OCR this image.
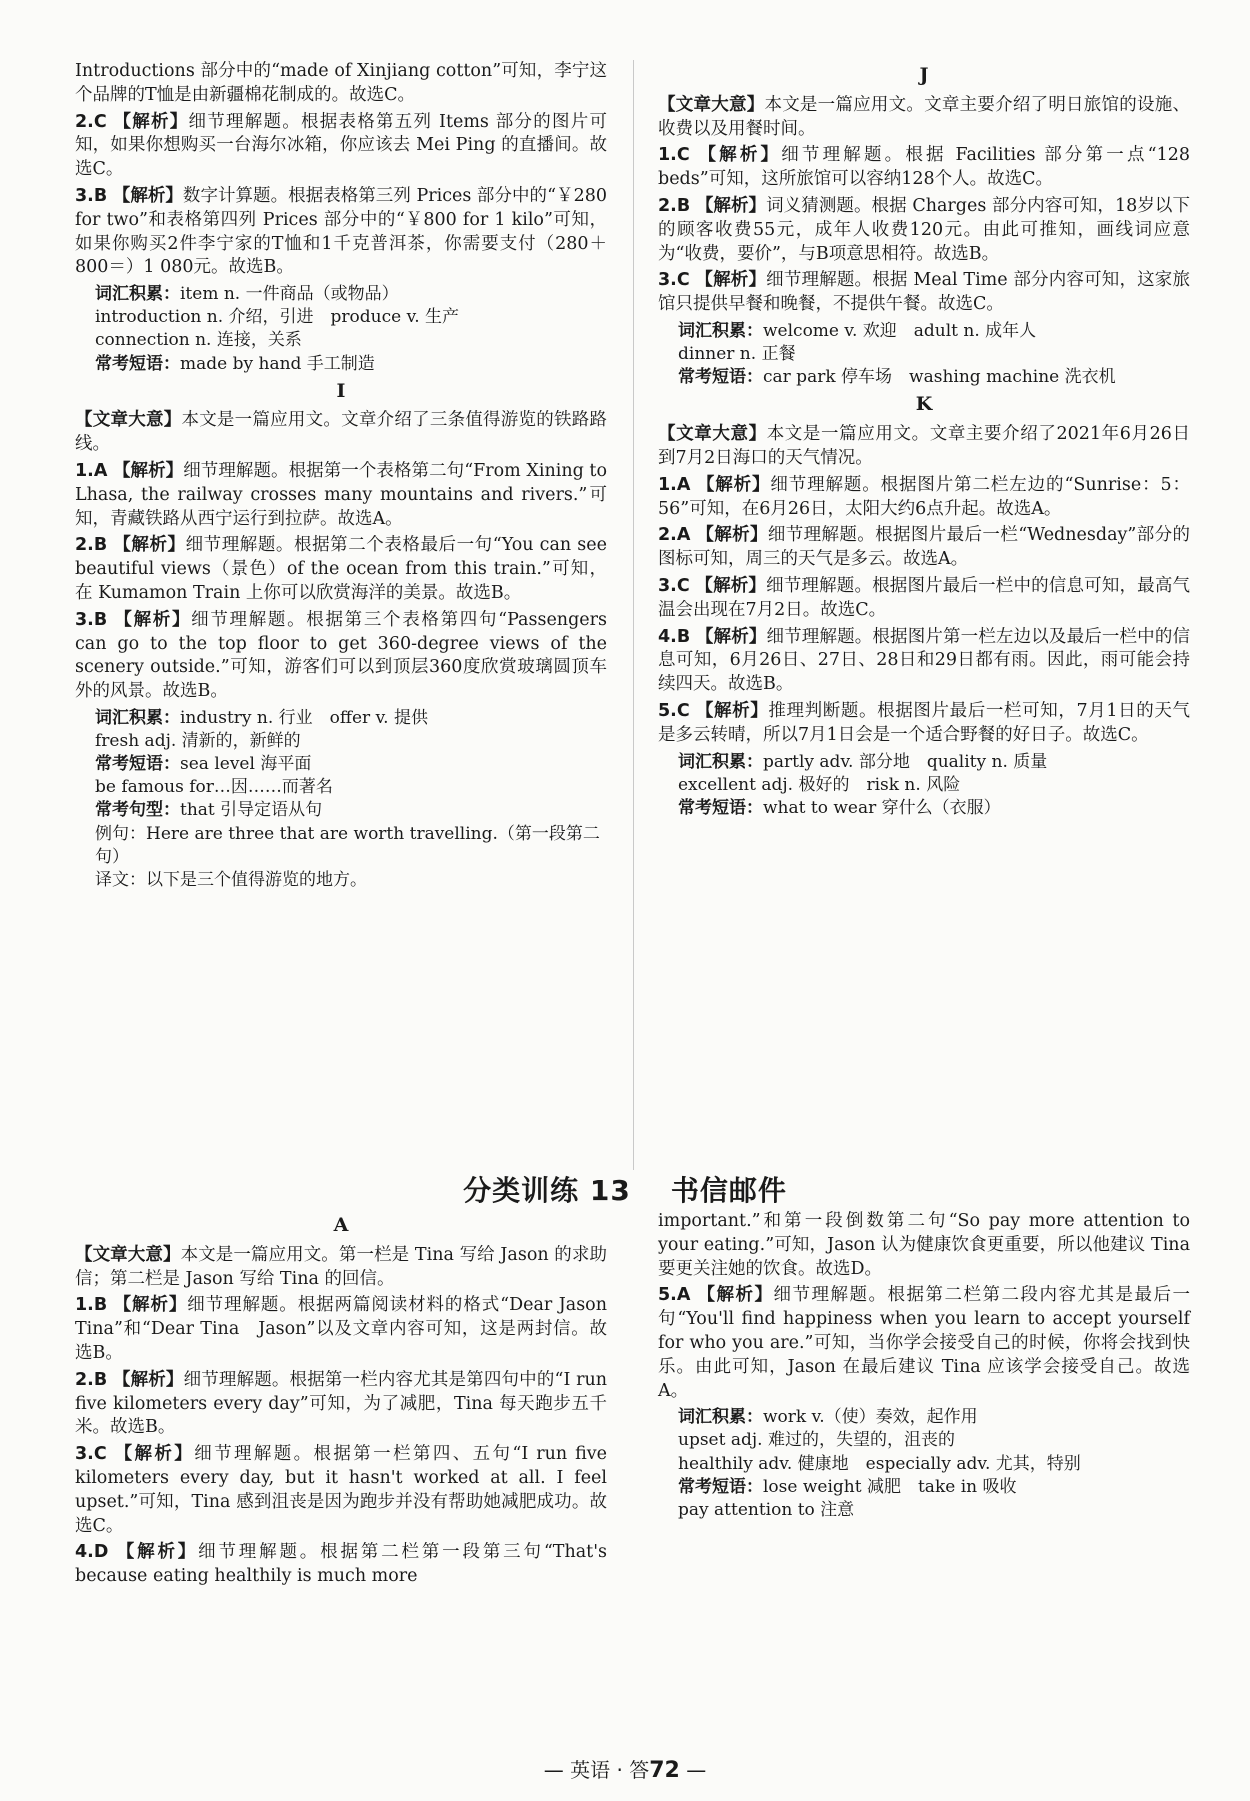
Introductions 部分中的“made of Xinjiang cotton”可知，李宁这个品牌的T恤是由新疆棉花制成的。故选C。
2.C 【解析】细节理解题。根据表格第五列 Items 部分的图片可知，如果你想购买一台海尔冰箱，你应该去 Mei Ping 的直播间。故选C。
3.B 【解析】数字计算题。根据表格第三列 Prices 部分中的“￥280 for two”和表格第四列 Prices 部分中的“￥800 for 1 kilo”可知，如果你购买2件李宁家的T恤和1千克普洱茶，你需要支付（280＋800＝）1 080元。故选B。
词汇积累：item n. 一件商品（或物品）
introduction n. 介绍，引进　produce v. 生产
connection n. 连接，关系
常考短语：made by hand 手工制造
I
【文章大意】本文是一篇应用文。文章介绍了三条值得游览的铁路路线。
1.A 【解析】细节理解题。根据第一个表格第二句“From Xining to Lhasa, the railway crosses many mountains and rivers.”可知，青藏铁路从西宁运行到拉萨。故选A。
2.B 【解析】细节理解题。根据第二个表格最后一句“You can see beautiful views（景色）of the ocean from this train.”可知，在 Kumamon Train 上你可以欣赏海洋的美景。故选B。
3.B 【解析】细节理解题。根据第三个表格第四句“Passengers can go to the top floor to get 360-degree views of the scenery outside.”可知，游客们可以到顶层360度欣赏玻璃圆顶车外的风景。故选B。
词汇积累：industry n. 行业　offer v. 提供
fresh adj. 清新的，新鲜的
常考短语：sea level 海平面
be famous for…因……而著名
常考句型：that 引导定语从句
例句：Here are three that are worth travelling.（第一段第二句）
译文：以下是三个值得游览的地方。
J
【文章大意】本文是一篇应用文。文章主要介绍了明日旅馆的设施、收费以及用餐时间。
1.C 【解析】细节理解题。根据 Facilities 部分第一点“128 beds”可知，这所旅馆可以容纳128个人。故选C。
2.B 【解析】词义猜测题。根据 Charges 部分内容可知，18岁以下的顾客收费55元，成年人收费120元。由此可推知，画线词应意为“收费，要价”，与B项意思相符。故选B。
3.C 【解析】细节理解题。根据 Meal Time 部分内容可知，这家旅馆只提供早餐和晚餐，不提供午餐。故选C。
词汇积累：welcome v. 欢迎　adult n. 成年人
dinner n. 正餐
常考短语：car park 停车场　washing machine 洗衣机
K
【文章大意】本文是一篇应用文。文章主要介绍了2021年6月26日到7月2日海口的天气情况。
1.A 【解析】细节理解题。根据图片第二栏左边的“Sunrise：5：56”可知，在6月26日，太阳大约6点升起。故选A。
2.A 【解析】细节理解题。根据图片最后一栏“Wednesday”部分的图标可知，周三的天气是多云。故选A。
3.C 【解析】细节理解题。根据图片最后一栏中的信息可知，最高气温会出现在7月2日。故选C。
4.B 【解析】细节理解题。根据图片第一栏左边以及最后一栏中的信息可知，6月26日、27日、28日和29日都有雨。因此，雨可能会持续四天。故选B。
5.C 【解析】推理判断题。根据图片最后一栏可知，7月1日的天气是多云转晴，所以7月1日会是一个适合野餐的好日子。故选C。
词汇积累：partly adv. 部分地　quality n. 质量
excellent adj. 极好的　risk n. 风险
常考短语：what to wear 穿什么（衣服）
分类训练 13 书信邮件
A
【文章大意】本文是一篇应用文。第一栏是 Tina 写给 Jason 的求助信；第二栏是 Jason 写给 Tina 的回信。
1.B 【解析】细节理解题。根据两篇阅读材料的格式“Dear Jason　Tina”和“Dear Tina　Jason”以及文章内容可知，这是两封信。故选B。
2.B 【解析】细节理解题。根据第一栏内容尤其是第四句中的“I run five kilometers every day”可知，为了减肥，Tina 每天跑步五千米。故选B。
3.C 【解析】细节理解题。根据第一栏第四、五句“I run five kilometers every day, but it hasn't worked at all. I feel upset.”可知，Tina 感到沮丧是因为跑步并没有帮助她减肥成功。故选C。
4.D 【解析】细节理解题。根据第二栏第一段第三句“That's because eating healthily is much more
important.”和第一段倒数第二句“So pay more attention to your eating.”可知，Jason 认为健康饮食更重要，所以他建议 Tina 要更关注她的饮食。故选D。
5.A 【解析】细节理解题。根据第二栏第二段内容尤其是最后一句“You'll find happiness when you learn to accept yourself for who you are.”可知，当你学会接受自己的时候，你将会找到快乐。由此可知，Jason 在最后建议 Tina 应该学会接受自己。故选A。
词汇积累：work v.（使）奏效，起作用
upset adj. 难过的，失望的，沮丧的
healthily adv. 健康地　especially adv. 尤其，特别
常考短语：lose weight 减肥　take in 吸收
pay attention to 注意
— 英语 · 答72 —
